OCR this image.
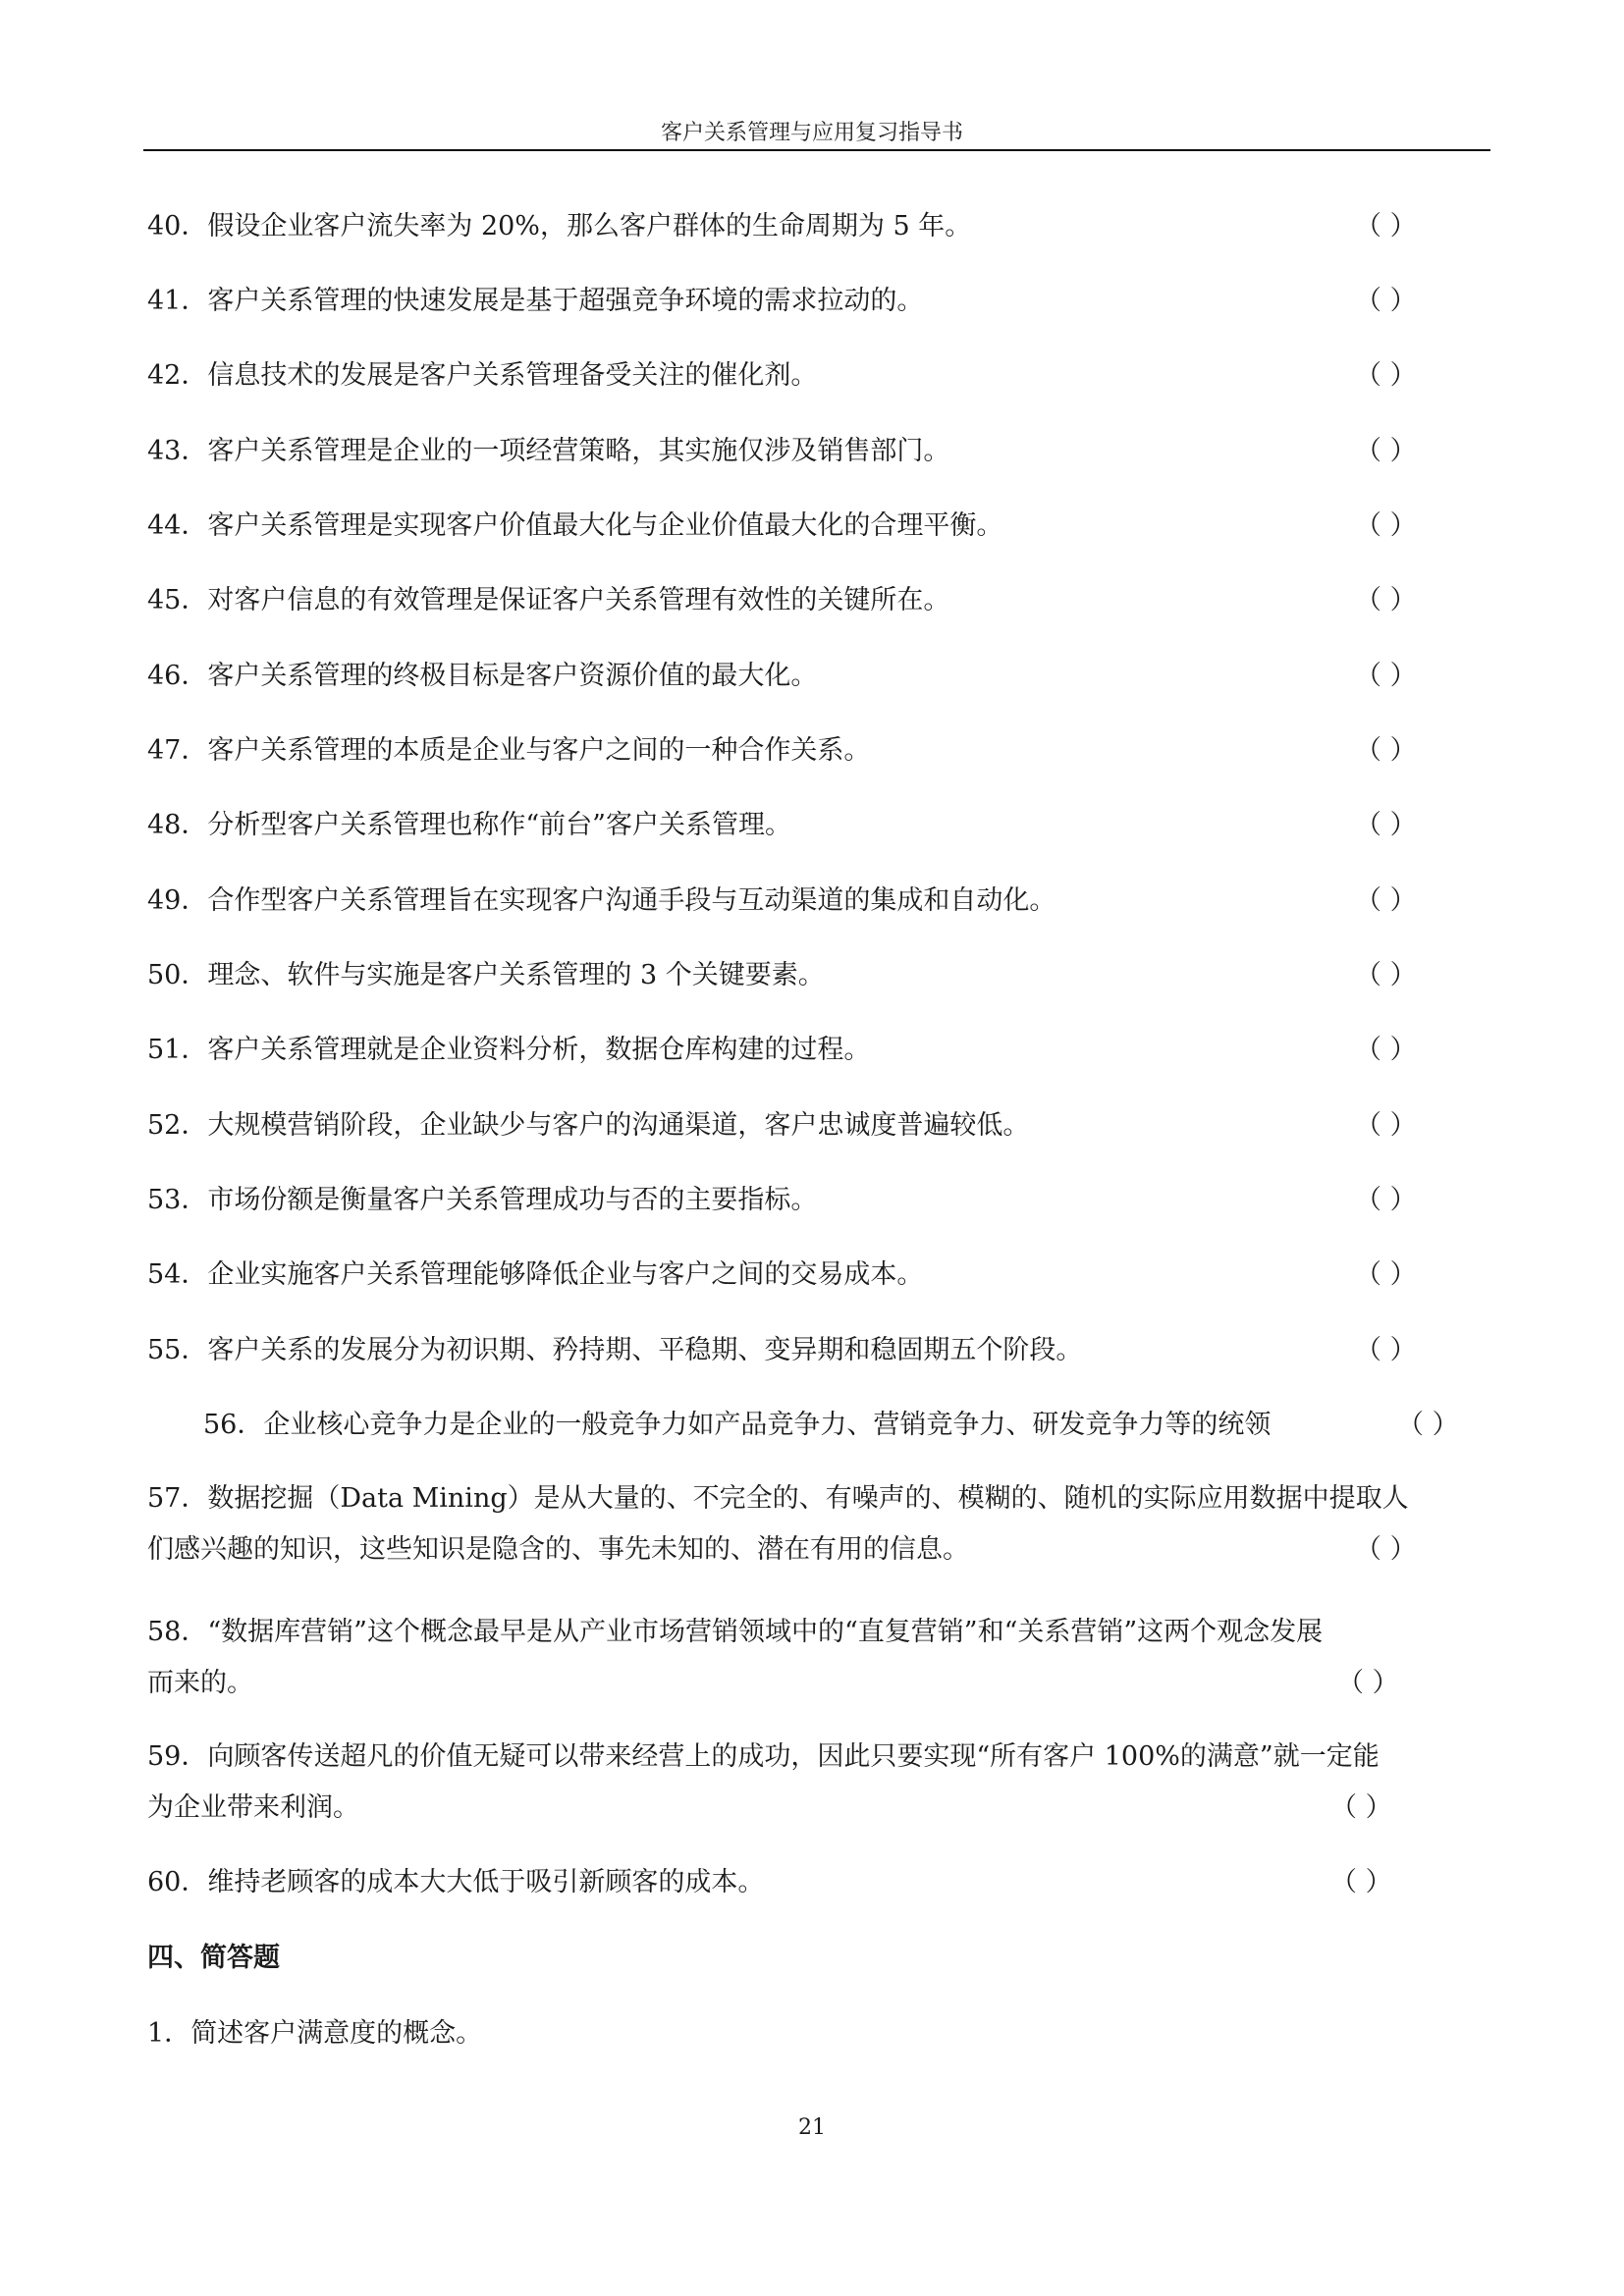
客户关系管理与应用复习指导书
40．假设企业客户流失率为 20%，那么客户群体的生命周期为 5 年。	（ ）
41．客户关系管理的快速发展是基于超强竞争环境的需求拉动的。	（ ）
42．信息技术的发展是客户关系管理备受关注的催化剂。	（ ）
43．客户关系管理是企业的一项经营策略，其实施仅涉及销售部门。	（ ）
44．客户关系管理是实现客户价值最大化与企业价值最大化的合理平衡。	（ ）
45．对客户信息的有效管理是保证客户关系管理有效性的关键所在。	（ ）
46．客户关系管理的终极目标是客户资源价值的最大化。	（ ）
47．客户关系管理的本质是企业与客户之间的一种合作关系。	（ ）
48．分析型客户关系管理也称作“前台”客户关系管理。	（ ）
49．合作型客户关系管理旨在实现客户沟通手段与互动渠道的集成和自动化。	（ ）
50．理念、软件与实施是客户关系管理的 3 个关键要素。	（ ）
51．客户关系管理就是企业资料分析，数据仓库构建的过程。	（ ）
52．大规模营销阶段，企业缺少与客户的沟通渠道，客户忠诚度普遍较低。	（ ）
53．市场份额是衡量客户关系管理成功与否的主要指标。	（ ）
54．企业实施客户关系管理能够降低企业与客户之间的交易成本。	（ ）
55．客户关系的发展分为初识期、矜持期、平稳期、变异期和稳固期五个阶段。	（ ）
56．企业核心竞争力是企业的一般竞争力如产品竞争力、营销竞争力、研发竞争力等的统领	（ ）
57．数据挖掘（Data Mining）是从大量的、不完全的、有噪声的、模糊的、随机的实际应用数据中提取人
们感兴趣的知识，这些知识是隐含的、事先未知的、潜在有用的信息。	（ ）
58．“数据库营销”这个概念最早是从产业市场营销领域中的“直复营销”和“关系营销”这两个观念发展
而来的。	（ ）
59．向顾客传送超凡的价值无疑可以带来经营上的成功，因此只要实现“所有客户 100%的满意”就一定能
为企业带来利润。	（ ）
60．维持老顾客的成本大大低于吸引新顾客的成本。	（ ）
四、简答题
1．简述客户满意度的概念。
21
